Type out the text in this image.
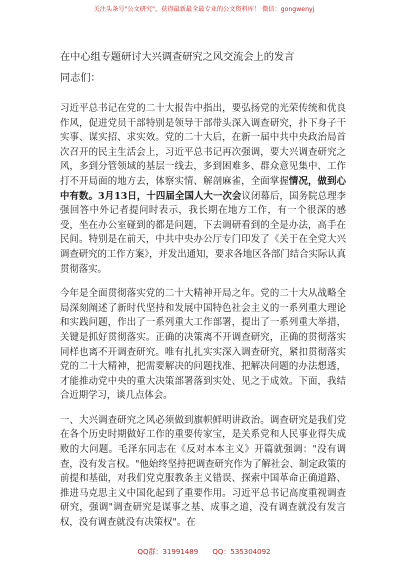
关注头条号"公文研究"，获得最新最全最专业的公文资料库！ 微信：gongwenyj
在中心组专题研讨大兴调查研究之风交流会上的发言
同志们：

习近平总书记在党的二十大报告中指出，要弘扬党的光荣传统和优良作风，促进党员干部特别是领导干部带头深入调查研究，扑下身子干实事、谋实招、求实效。党的二十大后，在新一届中共中央政治局首次召开的民主生活会上，习近平总书记再次强调，要大兴调查研究之风，多到分管领域的基层一线去，多到困难多、群众意见集中、工作打不开局面的地方去，体察实情、解剖麻雀，全面掌握情况，做到心中有数。3月13日，十四届全国人大一次会议闭幕后，国务院总理李强回答中外记者提问时表示，我长期在地方工作，有一个很深的感受，坐在办公室碰到的都是问题，下去调研看到的全是办法，高手在民间。特别是在前天，中共中央办公厅专门印发了《关于在全党大兴调查研究的工作方案》，并发出通知，要求各地区各部门结合实际认真贯彻落实。

今年是全面贯彻落实党的二十大精神开局之年。党的二十大从战略全局深刻阐述了新时代坚持和发展中国特色社会主义的一系列重大理论和实践问题，作出了一系列重大工作部署，提出了一系列重大举措，关键是抓好贯彻落实。正确的决策离不开调查研究，正确的贯彻落实同样也离不开调查研究。唯有扎扎实实深入调查研究，紧扣贯彻落实党的二十大精神，把需要解决的问题找准、把解决问题的办法想透，才能推动党中央的重大决策部署落到实处、见之于成效。下面，我结合近期学习，谈几点体会。

一、大兴调查研究之风必须做到旗帜鲜明讲政治。调查研究是我们党在各个历史时期做好工作的重要传家宝，是关系党和人民事业得失成败的大问题。毛泽东同志在《反对本本主义》开篇就强调："没有调查，没有发言权。"他始终坚持把调查研究作为了解社会、制定政策的前提和基础，对我们党克服教条主义错误、探索中国革命正确道路、推进马克思主义中国化起到了重要作用。习近平总书记高度重视调查研究，强调"调查研究是谋事之基、成事之道，没有调查就没有发言权，没有调查就没有决策权"。在

QQ群：31991489 QQ：535304092
